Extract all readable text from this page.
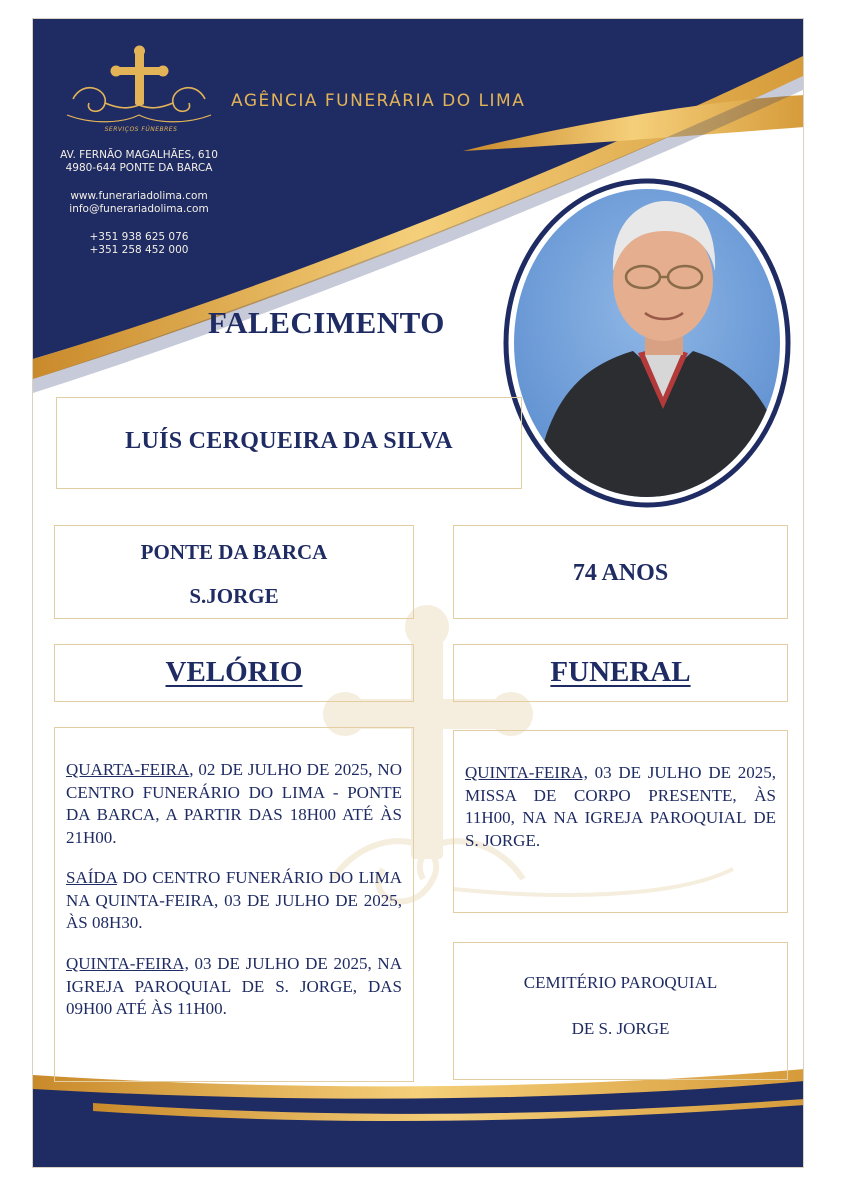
AGÊNCIA FUNERÁRIA DO LIMA
SERVIÇOS FÚNEBRES
AV. FERNÃO MAGALHÃES, 610
4980-644 PONTE DA BARCA
www.funerariadolima.com
info@funerariadolima.com
+351 938 625 076
+351 258 452 000
FALECIMENTO
LUÍS CERQUEIRA DA SILVA
PONTE DA BARCA
S.JORGE
74 ANOS
VELÓRIO	FUNERAL
QUARTA-FEIRA, 02 DE JULHO DE 2025, NO CENTRO FUNERÁRIO DO LIMA - PONTE DA BARCA, A PARTIR DAS 18H00 ATÉ ÀS 21H00.
SAÍDA DO CENTRO FUNERÁRIO DO LIMA NA QUINTA-FEIRA, 03 DE JULHO DE 2025, ÀS 08H30.
QUINTA-FEIRA, 03 DE JULHO DE 2025, NA IGREJA PAROQUIAL DE S. JORGE, DAS 09H00 ATÉ ÀS 11H00.
QUINTA-FEIRA, 03 DE JULHO DE 2025, MISSA DE CORPO PRESENTE, ÀS 11H00, NA NA IGREJA PAROQUIAL DE S. JORGE.
CEMITÉRIO PAROQUIAL
DE S. JORGE
